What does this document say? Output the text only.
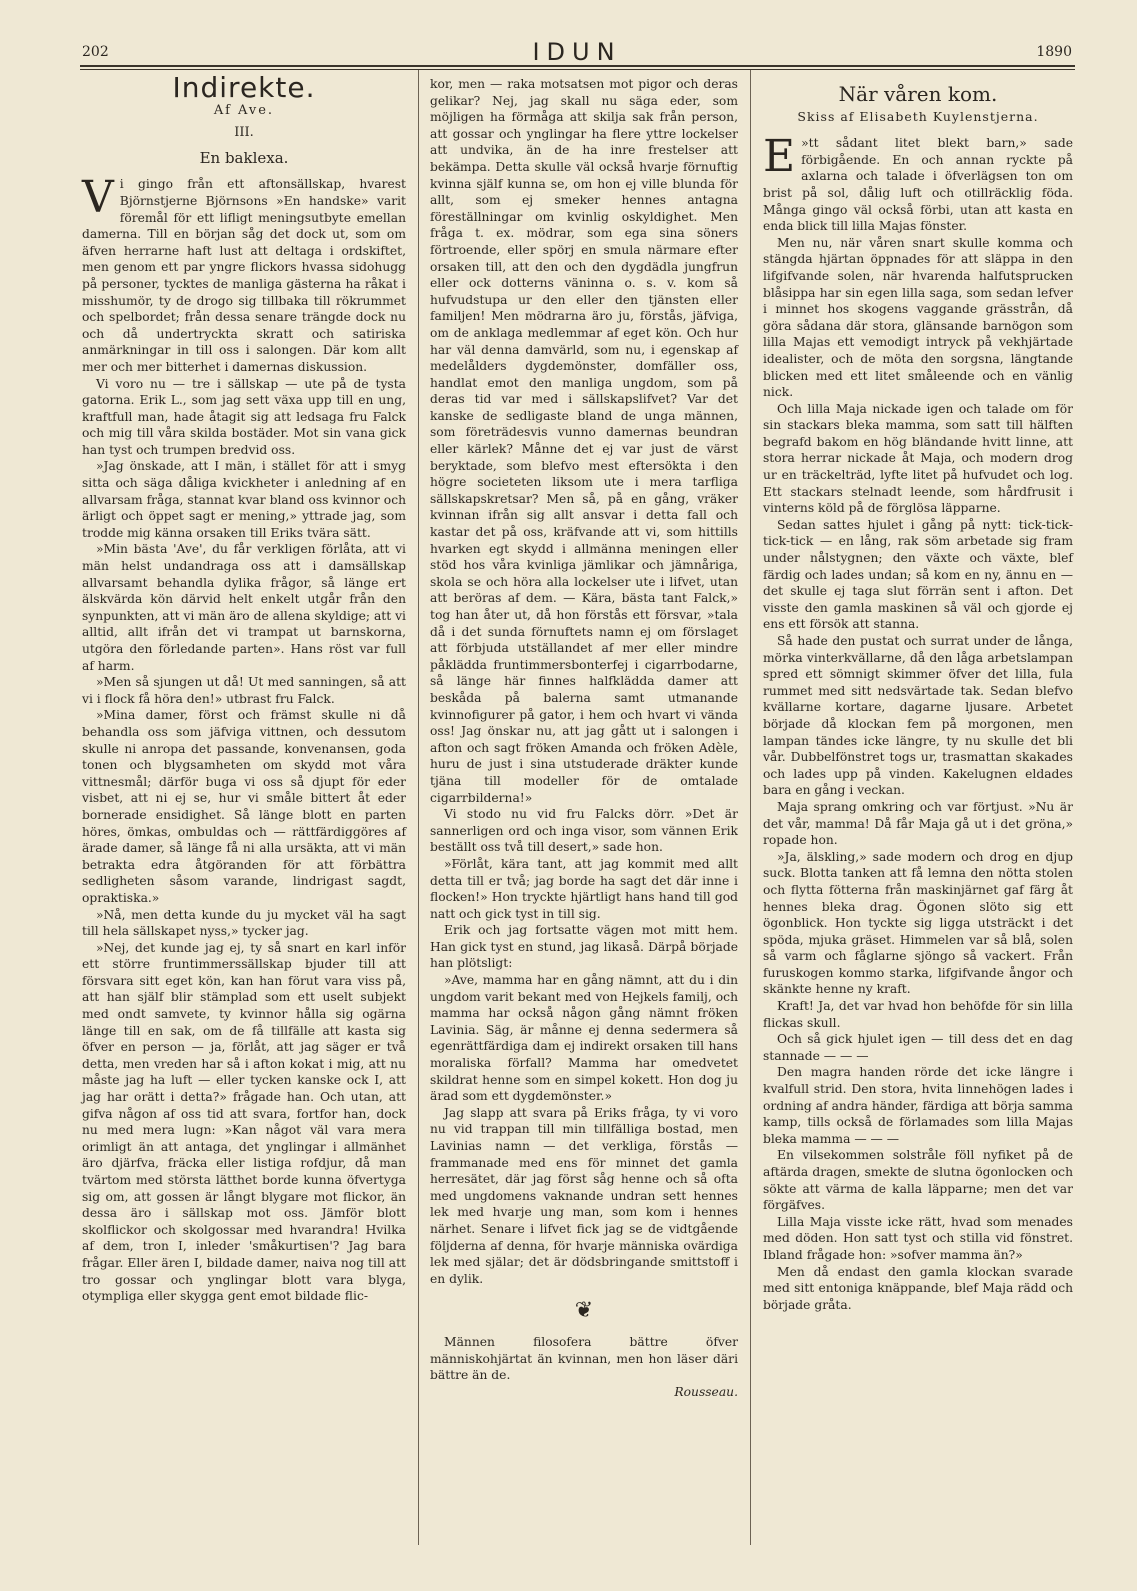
202	IDUN	1890
Indirekte.
Af Ave.
III.
En baklexa.

Vi gingo från ett aftonsällskap, hvarest Björnstjerne Björnsons »En handske» varit föremål för ett lifligt meningsutbyte emellan damerna. Till en början såg det dock ut, som om äfven herrarne haft lust att deltaga i ordskiftet, men genom ett par yngre flickors hvassa sidohugg på personer, tycktes de manliga gästerna ha råkat i misshumör, ty de drogo sig tillbaka till rökrummet och spelbordet; från dessa senare trängde dock nu och då undertryckta skratt och satiriska anmärkningar in till oss i salongen. Där kom allt mer och mer bitterhet i damernas diskussion.

Vi voro nu — tre i sällskap — ute på de tysta gatorna. Erik L., som jag sett växa upp till en ung, kraftfull man, hade åtagit sig att ledsaga fru Falck och mig till våra skilda bostäder. Mot sin vana gick han tyst och trumpen bredvid oss.

»Jag önskade, att I män, i stället för att i smyg sitta och säga dåliga kvickheter i anledning af en allvarsam fråga, stannat kvar bland oss kvinnor och ärligt och öppet sagt er mening,» yttrade jag, som trodde mig känna orsaken till Eriks tvära sätt.

»Min bästa 'Ave', du får verkligen förlåta, att vi män helst undandraga oss att i damsällskap allvarsamt behandla dylika frågor, så länge ert älskvärda kön därvid helt enkelt utgår från den synpunkten, att vi män äro de allena skyldige; att vi alltid, allt ifrån det vi trampat ut barnskorna, utgöra den förledande parten». Hans röst var full af harm.

»Men så sjungen ut då! Ut med sanningen, så att vi i flock få höra den!» utbrast fru Falck.

»Mina damer, först och främst skulle ni då behandla oss som jäfviga vittnen, och dessutom skulle ni anropa det passande, konvenansen, goda tonen och blygsamheten om skydd mot våra vittnesmål; därför buga vi oss så djupt för eder visbet, att ni ej se, hur vi småle bittert åt eder bornerade ensidighet. Så länge blott en parten höres, ömkas, ombuldas och — rättfärdiggöres af ärade damer, så länge få ni alla ursäkta, att vi män betrakta edra åtgöranden för att förbättra sedligheten såsom varande, lindrigast sagdt, opraktiska.»

»Nå, men detta kunde du ju mycket väl ha sagt till hela sällskapet nyss,» tycker jag.

»Nej, det kunde jag ej, ty så snart en karl inför ett större fruntimmerssällskap bjuder till att försvara sitt eget kön, kan han förut vara viss på, att han själf blir stämplad som ett uselt subjekt med ondt samvete, ty kvinnor hålla sig ogärna länge till en sak, om de få tillfälle att kasta sig öfver en person — ja, förlåt, att jag säger er två detta, men vreden har så i afton kokat i mig, att nu måste jag ha luft — eller tycken kanske ock I, att jag har orätt i detta?» frågade han. Och utan, att gifva någon af oss tid att svara, fortfor han, dock nu med mera lugn: »Kan något väl vara mera orimligt än att antaga, det ynglingar i allmänhet äro djärfva, fräcka eller listiga rofdjur, då man tvärtom med största lätthet borde kunna öfvertyga sig om, att gossen är långt blygare mot flickor, än dessa äro i sällskap mot oss. Jämför blott skolflickor och skolgossar med hvarandra! Hvilka af dem, tron I, inleder 'småkurtisen'? Jag bara frågar. Eller ären I, bildade damer, naiva nog till att tro gossar och ynglingar blott vara blyga, otympliga eller skygga gent emot bildade flic-

kor, men — raka motsatsen mot pigor och deras gelikar? Nej, jag skall nu säga eder, som möjligen ha förmåga att skilja sak från person, att gossar och ynglingar ha flere yttre lockelser att undvika, än de ha inre frestelser att bekämpa. Detta skulle väl också hvarje förnuftig kvinna själf kunna se, om hon ej ville blunda för allt, som ej smeker hennes antagna föreställningar om kvinlig oskyldighet. Men fråga t. ex. mödrar, som ega sina söners förtroende, eller spörj en smula närmare efter orsaken till, att den och den dygdädla jungfrun eller ock dotterns väninna o. s. v. kom så hufvudstupa ur den eller den tjänsten eller familjen! Men mödrarna äro ju, förstås, jäfviga, om de anklaga medlemmar af eget kön. Och hur har väl denna damvärld, som nu, i egenskap af medelålders dygdemönster, domfäller oss, handlat emot den manliga ungdom, som på deras tid var med i sällskapslifvet? Var det kanske de sedligaste bland de unga männen, som företrädesvis vunno damernas beundran eller kärlek? Månne det ej var just de värst beryktade, som blefvo mest eftersökta i den högre societeten liksom ute i mera tarfliga sällskapskretsar? Men så, på en gång, vräker kvinnan ifrån sig allt ansvar i detta fall och kastar det på oss, kräfvande att vi, som hittills hvarken egt skydd i allmänna meningen eller stöd hos våra kvinliga jämlikar och jämnåriga, skola se och höra alla lockelser ute i lifvet, utan att beröras af dem. — Kära, bästa tant Falck,» tog han åter ut, då hon förstås ett försvar, »tala då i det sunda förnuftets namn ej om förslaget att förbjuda utställandet af mer eller mindre påklädda fruntimmersbonterfej i cigarrbodarne, så länge här finnes halfklädda damer att beskåda på balerna samt utmanande kvinnofigurer på gator, i hem och hvart vi vända oss! Jag önskar nu, att jag gått ut i salongen i afton och sagt fröken Amanda och fröken Adèle, huru de just i sina utstuderade dräkter kunde tjäna till modeller för de omtalade cigarrbilderna!»

Vi stodo nu vid fru Falcks dörr. »Det är sannerligen ord och inga visor, som vännen Erik beställt oss två till desert,» sade hon.

»Förlåt, kära tant, att jag kommit med allt detta till er två; jag borde ha sagt det där inne i flocken!» Hon tryckte hjärtligt hans hand till god natt och gick tyst in till sig.

Erik och jag fortsatte vägen mot mitt hem. Han gick tyst en stund, jag likaså. Därpå började han plötsligt:

»Ave, mamma har en gång nämnt, att du i din ungdom varit bekant med von Hejkels familj, och mamma har också någon gång nämnt fröken Lavinia. Säg, är månne ej denna sedermera så egenrättfärdiga dam ej indirekt orsaken till hans moraliska förfall? Mamma har omedvetet skildrat henne som en simpel kokett. Hon dog ju ärad som ett dygdemönster.»

Jag slapp att svara på Eriks fråga, ty vi voro nu vid trappan till min tillfälliga bostad, men Lavinias namn — det verkliga, förstås — frammanade med ens för minnet det gamla herresätet, där jag först såg henne och så ofta med ungdomens vaknande undran sett hennes lek med hvarje ung man, som kom i hennes närhet. Senare i lifvet fick jag se de vidtgående följderna af denna, för hvarje människa ovärdiga lek med själar; det är dödsbringande smittstoff i en dylik.

❦

Männen filosofera bättre öfver människohjärtat än kvinnan, men hon läser däri bättre än de.

Rousseau.
När våren kom.
Skiss af Elisabeth Kuylenstjerna.

E »tt sådant litet blekt barn,» sade förbigående. En och annan ryckte på axlarna och talade i öfverlägsen ton om brist på sol, dålig luft och otillräcklig föda. Många gingo väl också förbi, utan att kasta en enda blick till lilla Majas fönster.

Men nu, när våren snart skulle komma och stängda hjärtan öppnades för att släppa in den lifgifvande solen, när hvarenda halfutsprucken blåsippa har sin egen lilla saga, som sedan lefver i minnet hos skogens vaggande grässtrån, då göra sådana där stora, glänsande barnögon som lilla Majas ett vemodigt intryck på vekhjärtade idealister, och de möta den sorgsna, längtande blicken med ett litet småleende och en vänlig nick.

Och lilla Maja nickade igen och talade om för sin stackars bleka mamma, som satt till hälften begrafd bakom en hög bländande hvitt linne, att stora herrar nickade åt Maja, och modern drog ur en träckelträd, lyfte litet på hufvudet och log. Ett stackars stelnadt leende, som hårdfrusit i vinterns köld på de förglösa läpparne.

Sedan sattes hjulet i gång på nytt: tick-tick-tick-tick — en lång, rak söm arbetade sig fram under nålstygnen; den växte och växte, blef färdig och lades undan; så kom en ny, ännu en — det skulle ej taga slut förrän sent i afton. Det visste den gamla maskinen så väl och gjorde ej ens ett försök att stanna.

Så hade den pustat och surrat under de långa, mörka vinterkvällarne, då den låga arbetslampan spred ett sömnigt skimmer öfver det lilla, fula rummet med sitt nedsvärtade tak. Sedan blefvo kvällarne kortare, dagarne ljusare. Arbetet började då klockan fem på morgonen, men lampan tändes icke längre, ty nu skulle det bli vår. Dubbelfönstret togs ur, trasmattan skakades och lades upp på vinden. Kakelugnen eldades bara en gång i veckan.

Maja sprang omkring och var förtjust. »Nu är det vår, mamma! Då får Maja gå ut i det gröna,» ropade hon.

»Ja, älskling,» sade modern och drog en djup suck. Blotta tanken att få lemna den nötta stolen och flytta fötterna från maskinjärnet gaf färg åt hennes bleka drag. Ögonen slöto sig ett ögonblick. Hon tyckte sig ligga utsträckt i det spöda, mjuka gräset. Himmelen var så blå, solen så varm och fåglarne sjöngo så vackert. Från furuskogen kommo starka, lifgifvande ångor och skänkte henne ny kraft.

Kraft! Ja, det var hvad hon behöfde för sin lilla flickas skull.

Och så gick hjulet igen — till dess det en dag stannade — — —

Den magra handen rörde det icke längre i kvalfull strid. Den stora, hvita linnehögen lades i ordning af andra händer, färdiga att börja samma kamp, tills också de förlamades som lilla Majas bleka mamma — — —

En vilsekommen solstråle föll nyfiket på de aftärda dragen, smekte de slutna ögonlocken och sökte att värma de kalla läpparne; men det var förgäfves.

Lilla Maja visste icke rätt, hvad som menades med döden. Hon satt tyst och stilla vid fönstret. Ibland frågade hon: »sofver mamma än?»

Men då endast den gamla klockan svarade med sitt entoniga knäppande, blef Maja rädd och började gråta.
